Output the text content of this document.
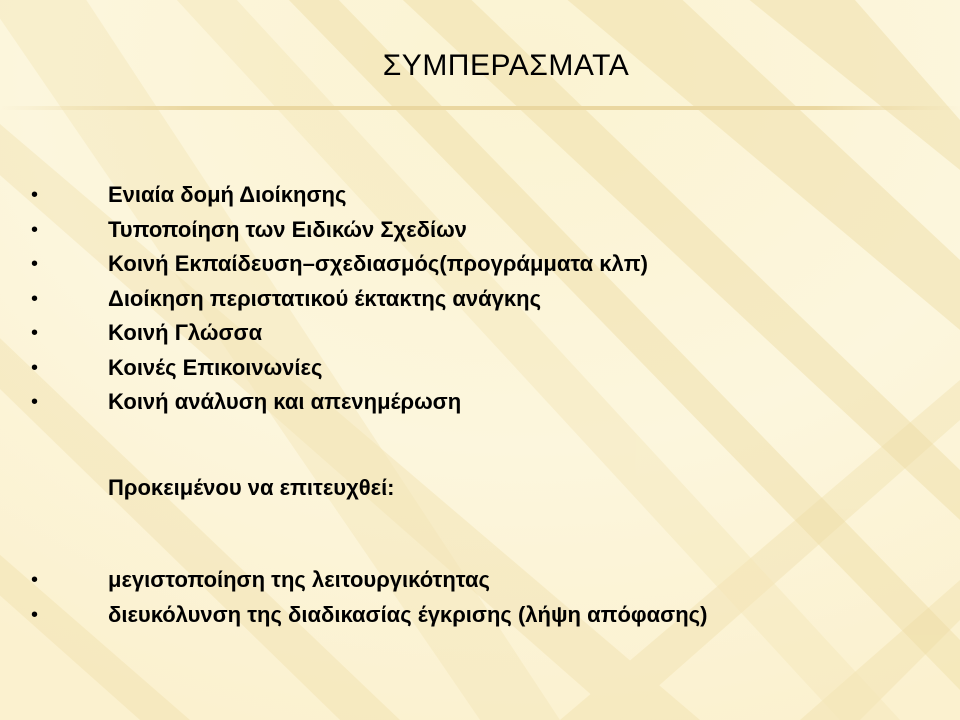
ΣΥΜΠΕΡΑΣΜΑΤΑ
•	Ενιαία δομή Διοίκησης
•	Τυποποίηση των Ειδικών Σχεδίων
•	Κοινή Εκπαίδευση–σχεδιασμός(προγράμματα κλπ)
•	Διοίκηση περιστατικού έκτακτης ανάγκης
•	Κοινή Γλώσσα
•	Κοινές Επικοινωνίες
•	Κοινή ανάλυση και απενημέρωση

Προκειμένου να επιτευχθεί:

•	μεγιστοποίηση της λειτουργικότητας
•	διευκόλυνση της διαδικασίας έγκρισης (λήψη απόφασης)
